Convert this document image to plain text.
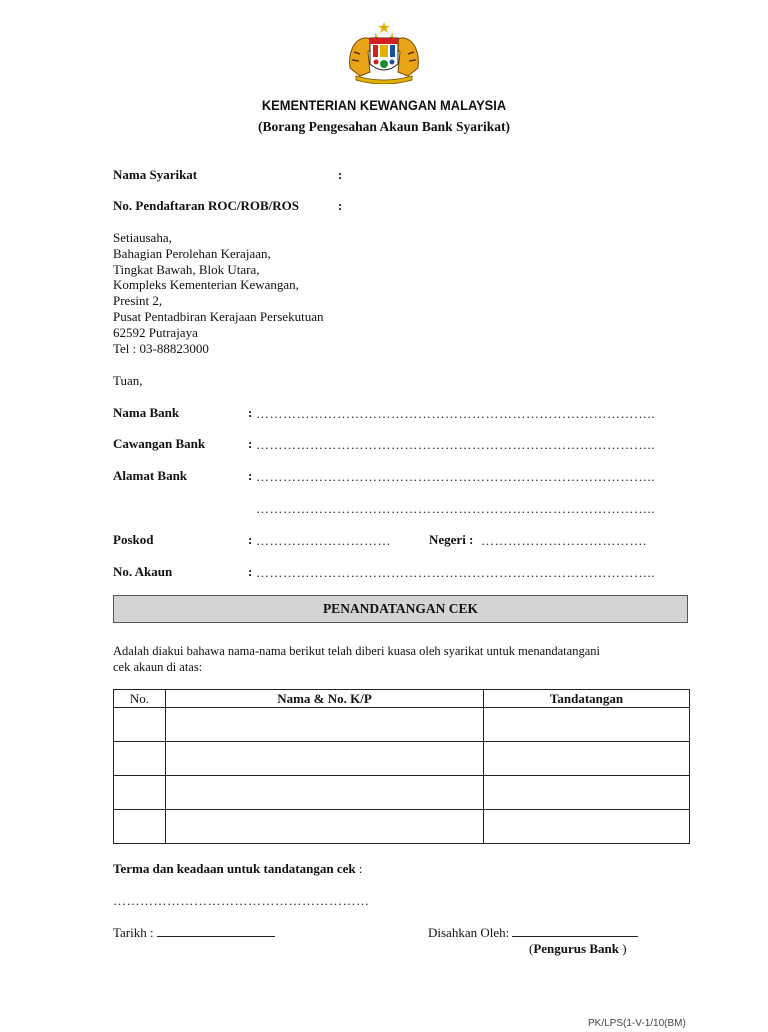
KEMENTERIAN KEWANGAN MALAYSIA
(Borang Pengesahan Akaun Bank Syarikat)
Nama Syarikat	:
No. Pendaftaran ROC/ROB/ROS	:
Setiausaha,
Bahagian Perolehan Kerajaan,
Tingkat Bawah, Blok Utara,
Kompleks Kementerian Kewangan,
Presint 2,
Pusat Pentadbiran Kerajaan Persekutuan
62592 Putrajaya
Tel : 03-88823000
Tuan,
Nama Bank	: ……………………………………………………………………………..
Cawangan Bank	: ……………………………………………………………………………..
Alamat Bank	: ……………………………………………………………………………..
……………………………………………………………………………..
Poskod	: …………………………	Negeri : ……………………………….
No. Akaun	: ……………………………………………………………………………..
PENANDATANGAN CEK
Adalah diakui bahawa nama-nama berikut telah diberi kuasa oleh syarikat untuk menandatangani
cek akaun di atas:
No.	Nama & No. K/P	Tandatangan

Terma dan keadaan untuk tandatangan cek :
…………………………………………………
Tarikh :	Disahkan Oleh:
(Pengurus Bank )
PK/LPS(1-V-1/10(BM)
